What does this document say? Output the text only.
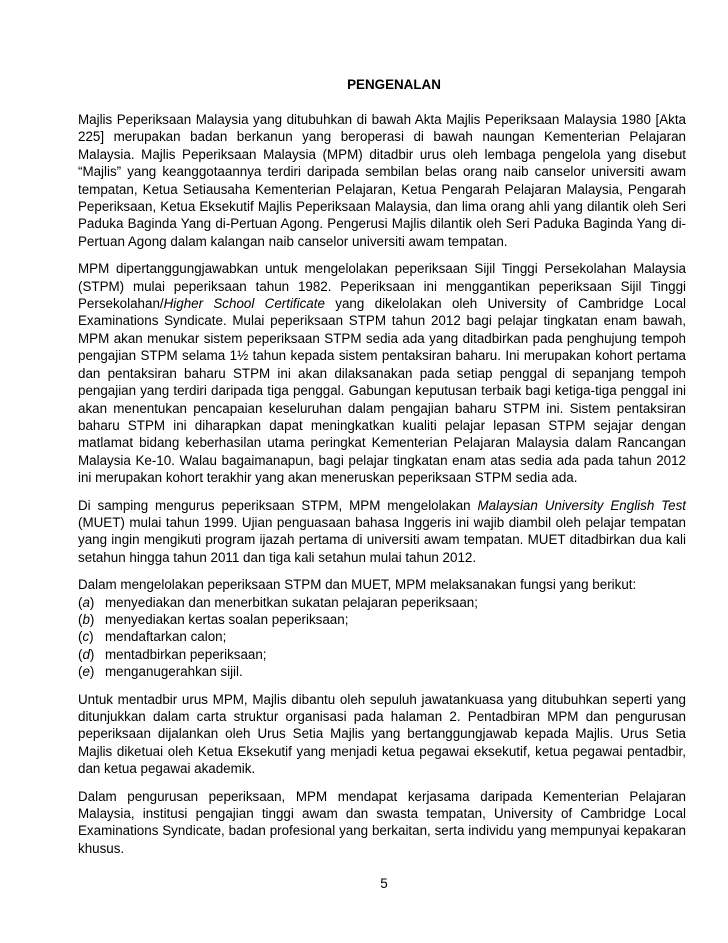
PENGENALAN

Majlis Peperiksaan Malaysia yang ditubuhkan di bawah Akta Majlis Peperiksaan Malaysia 1980 [Akta 225] merupakan badan berkanun yang beroperasi di bawah naungan Kementerian Pelajaran Malaysia. Majlis Peperiksaan Malaysia (MPM) ditadbir urus oleh lembaga pengelola yang disebut “Majlis” yang keanggotaannya terdiri daripada sembilan belas orang naib canselor universiti awam tempatan, Ketua Setiausaha Kementerian Pelajaran, Ketua Pengarah Pelajaran Malaysia, Pengarah Peperiksaan, Ketua Eksekutif Majlis Peperiksaan Malaysia, dan lima orang ahli yang dilantik oleh Seri Paduka Baginda Yang di-Pertuan Agong. Pengerusi Majlis dilantik oleh Seri Paduka Baginda Yang di-Pertuan Agong dalam kalangan naib canselor universiti awam tempatan.

MPM dipertanggungjawabkan untuk mengelolakan peperiksaan Sijil Tinggi Persekolahan Malaysia (STPM) mulai peperiksaan tahun 1982. Peperiksaan ini menggantikan peperiksaan Sijil Tinggi Persekolahan/Higher School Certificate yang dikelolakan oleh University of Cambridge Local Examinations Syndicate. Mulai peperiksaan STPM tahun 2012 bagi pelajar tingkatan enam bawah, MPM akan menukar sistem peperiksaan STPM sedia ada yang ditadbirkan pada penghujung tempoh pengajian STPM selama 1½ tahun kepada sistem pentaksiran baharu. Ini merupakan kohort pertama dan pentaksiran baharu STPM ini akan dilaksanakan pada setiap penggal di sepanjang tempoh pengajian yang terdiri daripada tiga penggal. Gabungan keputusan terbaik bagi ketiga-tiga penggal ini akan menentukan pencapaian keseluruhan dalam pengajian baharu STPM ini. Sistem pentaksiran baharu STPM ini diharapkan dapat meningkatkan kualiti pelajar lepasan STPM sejajar dengan matlamat bidang keberhasilan utama peringkat Kementerian Pelajaran Malaysia dalam Rancangan Malaysia Ke-10. Walau bagaimanapun, bagi pelajar tingkatan enam atas sedia ada pada tahun 2012 ini merupakan kohort terakhir yang akan meneruskan peperiksaan STPM sedia ada.

Di samping mengurus peperiksaan STPM, MPM mengelolakan Malaysian University English Test (MUET) mulai tahun 1999. Ujian penguasaan bahasa Inggeris ini wajib diambil oleh pelajar tempatan yang ingin mengikuti program ijazah pertama di universiti awam tempatan. MUET ditadbirkan dua kali setahun hingga tahun 2011 dan tiga kali setahun mulai tahun 2012.

Dalam mengelolakan peperiksaan STPM dan MUET, MPM melaksanakan fungsi yang berikut:

(a) menyediakan dan menerbitkan sukatan pelajaran peperiksaan;
(b) menyediakan kertas soalan peperiksaan;
(c) mendaftarkan calon;
(d) mentadbirkan peperiksaan;
(e) menganugerahkan sijil.

Untuk mentadbir urus MPM, Majlis dibantu oleh sepuluh jawatankuasa yang ditubuhkan seperti yang ditunjukkan dalam carta struktur organisasi pada halaman 2. Pentadbiran MPM dan pengurusan peperiksaan dijalankan oleh Urus Setia Majlis yang bertanggungjawab kepada Majlis. Urus Setia Majlis diketuai oleh Ketua Eksekutif yang menjadi ketua pegawai eksekutif, ketua pegawai pentadbir, dan ketua pegawai akademik.

Dalam pengurusan peperiksaan, MPM mendapat kerjasama daripada Kementerian Pelajaran Malaysia, institusi pengajian tinggi awam dan swasta tempatan, University of Cambridge Local Examinations Syndicate, badan profesional yang berkaitan, serta individu yang mempunyai kepakaran khusus.

5
